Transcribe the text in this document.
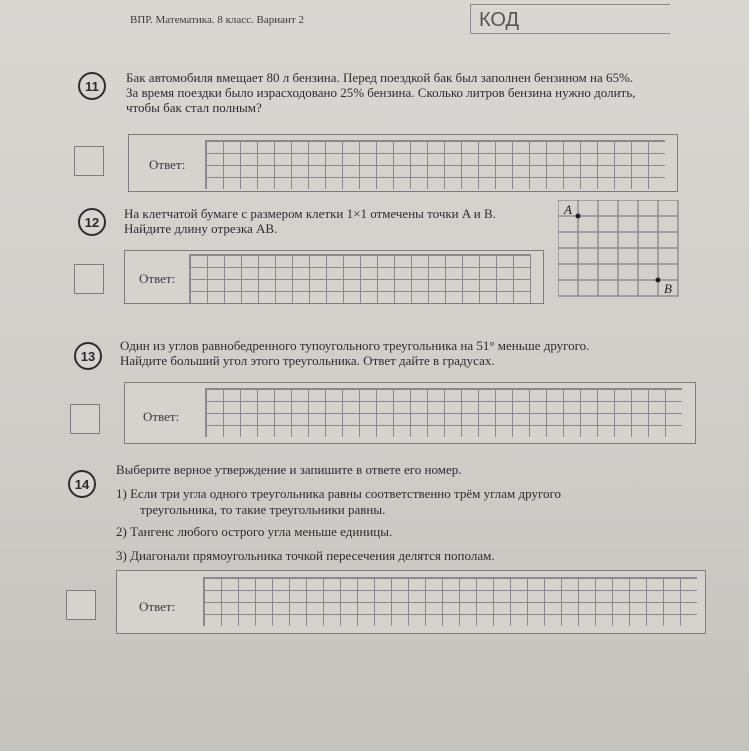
ВПР. Математика. 8 класс. Вариант 2	КОД
11
Бак автомобиля вмещает 80 л бензина. Перед поездкой бак был заполнен бензином на 65%.
За время поездки было израсходовано 25% бензина. Сколько литров бензина нужно долить,
чтобы бак стал полным?
Ответ:
12
На клетчатой бумаге с размером клетки 1×1 отмечены точки A и B.
Найдите длину отрезка AB.
Ответ:
A
B
13
Один из углов равнобедренного тупоугольного треугольника на 51° меньше другого.
Найдите больший угол этого треугольника. Ответ дайте в градусах.
Ответ:
14
Выберите верное утверждение и запишите в ответе его номер.
1) Если три угла одного треугольника равны соответственно трём углам другого
треугольника, то такие треугольники равны.
2) Тангенс любого острого угла меньше единицы.
3) Диагонали прямоугольника точкой пересечения делятся пополам.
Ответ:
